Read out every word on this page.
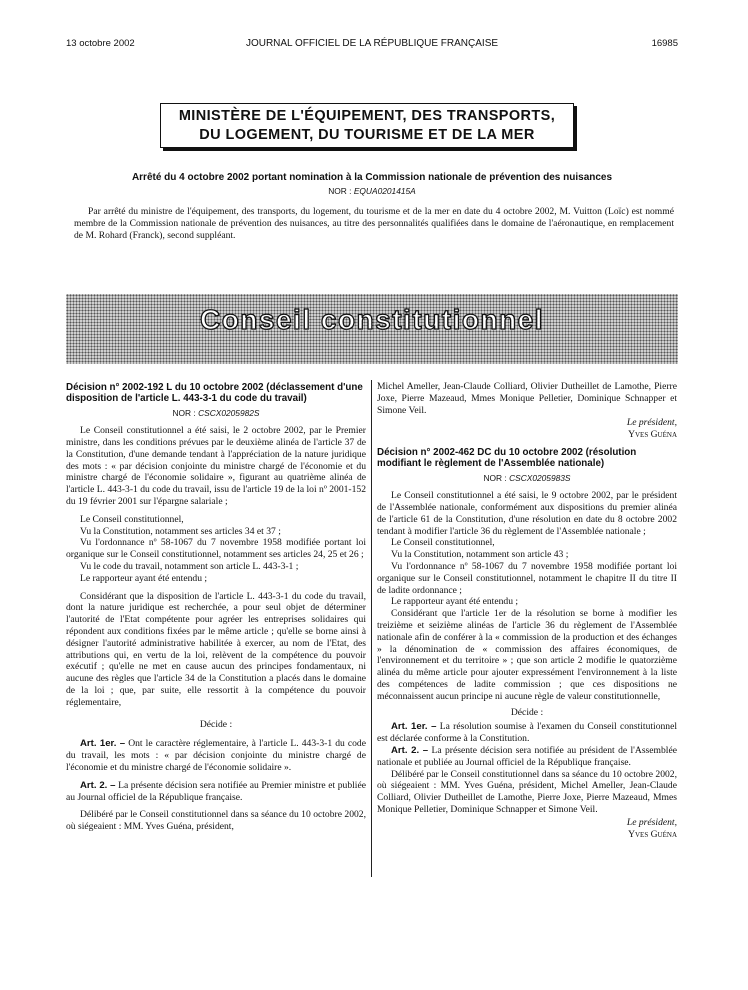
13 octobre 2002	JOURNAL OFFICIEL DE LA RÉPUBLIQUE FRANÇAISE	16985
MINISTÈRE DE L'ÉQUIPEMENT, DES TRANSPORTS,
DU LOGEMENT, DU TOURISME ET DE LA MER
Arrêté du 4 octobre 2002 portant nomination à la Commission nationale de prévention des nuisances
NOR : EQUA0201415A

Par arrêté du ministre de l'équipement, des transports, du logement, du tourisme et de la mer en date du 4 octobre 2002, M. Vuitton (Loïc) est nommé membre de la Commission nationale de prévention des nuisances, au titre des personnalités qualifiées dans le domaine de l'aéronautique, en remplacement de M. Rohard (Franck), second suppléant.

Conseil constitutionnel
Décision n° 2002-192 L du 10 octobre 2002 (déclassement d'une disposition de l'article L. 443-3-1 du code du travail)
NOR : CSCX0205982S

Le Conseil constitutionnel a été saisi, le 2 octobre 2002, par le Premier ministre, dans les conditions prévues par le deuxième alinéa de l'article 37 de la Constitution, d'une demande tendant à l'appréciation de la nature juridique des mots : « par décision conjointe du ministre chargé de l'économie et du ministre chargé de l'économie solidaire », figurant au quatrième alinéa de l'article L. 443-3-1 du code du travail, issu de l'article 19 de la loi nº 2001-152 du 19 février 2001 sur l'épargne salariale ;

Le Conseil constitutionnel,

Vu la Constitution, notamment ses articles 34 et 37 ;

Vu l'ordonnance nº 58-1067 du 7 novembre 1958 modifiée portant loi organique sur le Conseil constitutionnel, notamment ses articles 24, 25 et 26 ;

Vu le code du travail, notamment son article L. 443-3-1 ;

Le rapporteur ayant été entendu ;

Considérant que la disposition de l'article L. 443-3-1 du code du travail, dont la nature juridique est recherchée, a pour seul objet de déterminer l'autorité de l'Etat compétente pour agréer les entreprises solidaires qui répondent aux conditions fixées par le même article ; qu'elle se borne ainsi à désigner l'autorité administrative habilitée à exercer, au nom de l'Etat, des attributions qui, en vertu de la loi, relèvent de la compétence du pouvoir exécutif ; qu'elle ne met en cause aucun des principes fondamentaux, ni aucune des règles que l'article 34 de la Constitution a placés dans le domaine de la loi ; que, par suite, elle ressortit à la compétence du pouvoir réglementaire,

Décide :

Art. 1er. – Ont le caractère réglementaire, à l'article L. 443-3-1 du code du travail, les mots : « par décision conjointe du ministre chargé de l'économie et du ministre chargé de l'économie solidaire ».

Art. 2. – La présente décision sera notifiée au Premier ministre et publiée au Journal officiel de la République française.

Délibéré par le Conseil constitutionnel dans sa séance du 10 octobre 2002, où siégeaient : MM. Yves Guéna, président,

Michel Ameller, Jean-Claude Colliard, Olivier Dutheillet de Lamothe, Pierre Joxe, Pierre Mazeaud, Mmes Monique Pelletier, Dominique Schnapper et Simone Veil.
Le président,
Yves Guéna
Décision n° 2002-462 DC du 10 octobre 2002 (résolution modifiant le règlement de l'Assemblée nationale)
NOR : CSCX0205983S

Le Conseil constitutionnel a été saisi, le 9 octobre 2002, par le président de l'Assemblée nationale, conformément aux dispositions du premier alinéa de l'article 61 de la Constitution, d'une résolution en date du 8 octobre 2002 tendant à modifier l'article 36 du règlement de l'Assemblée nationale ;

Le Conseil constitutionnel,

Vu la Constitution, notamment son article 43 ;

Vu l'ordonnance nº 58-1067 du 7 novembre 1958 modifiée portant loi organique sur le Conseil constitutionnel, notamment le chapitre II du titre II de ladite ordonnance ;

Le rapporteur ayant été entendu ;

Considérant que l'article 1er de la résolution se borne à modifier les treizième et seizième alinéas de l'article 36 du règlement de l'Assemblée nationale afin de conférer à la « commission de la production et des échanges » la dénomination de « commission des affaires économiques, de l'environnement et du territoire » ; que son article 2 modifie le quatorzième alinéa du même article pour ajouter expressément l'environnement à la liste des compétences de ladite commission ; que ces dispositions ne méconnaissent aucun principe ni aucune règle de valeur constitutionnelle,

Décide :

Art. 1er. – La résolution soumise à l'examen du Conseil constitutionnel est déclarée conforme à la Constitution.

Art. 2. – La présente décision sera notifiée au président de l'Assemblée nationale et publiée au Journal officiel de la République française.

Délibéré par le Conseil constitutionnel dans sa séance du 10 octobre 2002, où siégeaient : MM. Yves Guéna, président, Michel Ameller, Jean-Claude Colliard, Olivier Dutheillet de Lamothe, Pierre Joxe, Pierre Mazeaud, Mmes Monique Pelletier, Dominique Schnapper et Simone Veil.

Le président,
Yves Guéna
